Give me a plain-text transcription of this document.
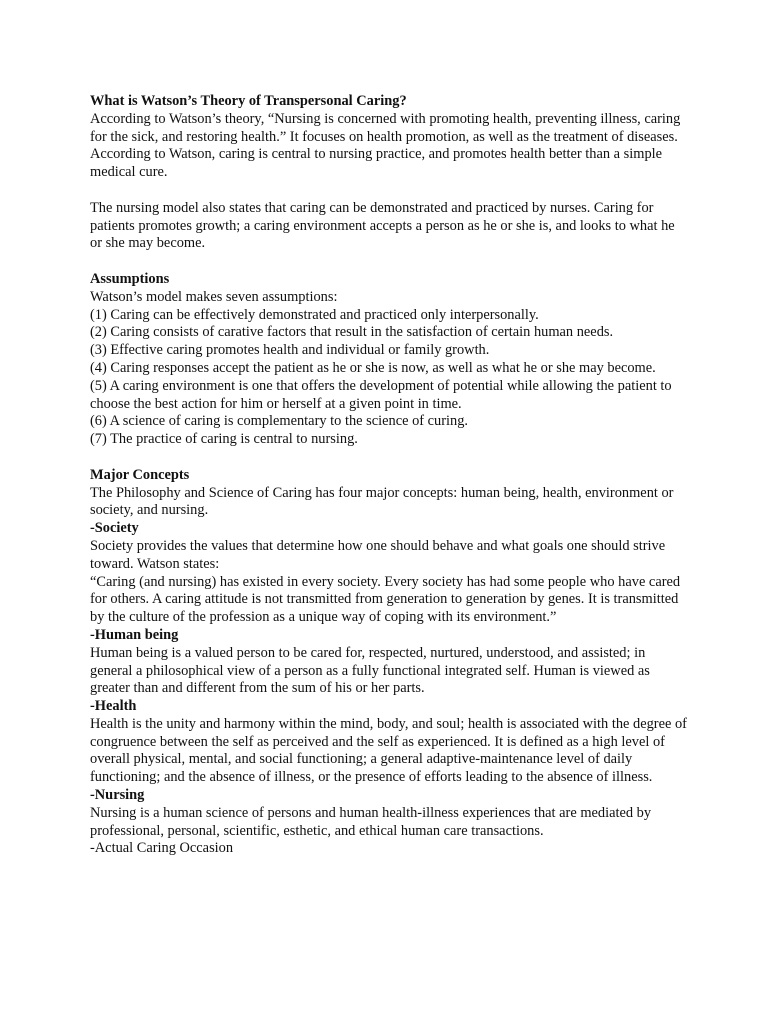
What is Watson’s Theory of Transpersonal Caring?

According to Watson’s theory, “Nursing is concerned with promoting health, preventing illness, caring for the sick, and restoring health.” It focuses on health promotion, as well as the treatment of diseases. According to Watson, caring is central to nursing practice, and promotes health better than a simple medical cure.

The nursing model also states that caring can be demonstrated and practiced by nurses. Caring for patients promotes growth; a caring environment accepts a person as he or she is, and looks to what he or she may become.

Assumptions

Watson’s model makes seven assumptions:

(1) Caring can be effectively demonstrated and practiced only interpersonally.

(2) Caring consists of carative factors that result in the satisfaction of certain human needs.

(3) Effective caring promotes health and individual or family growth.

(4) Caring responses accept the patient as he or she is now, as well as what he or she may become.

(5) A caring environment is one that offers the development of potential while allowing the patient to choose the best action for him or herself at a given point in time.

(6) A science of caring is complementary to the science of curing.

(7) The practice of caring is central to nursing.

Major Concepts

The Philosophy and Science of Caring has four major concepts: human being, health, environment or society, and nursing.

-Society

Society provides the values that determine how one should behave and what goals one should strive toward. Watson states:

“Caring (and nursing) has existed in every society. Every society has had some people who have cared for others. A caring attitude is not transmitted from generation to generation by genes. It is transmitted by the culture of the profession as a unique way of coping with its environment.”

-Human being

Human being is a valued person to be cared for, respected, nurtured, understood, and assisted; in general a philosophical view of a person as a fully functional integrated self. Human is viewed as greater than and different from the sum of his or her parts.

-Health

Health is the unity and harmony within the mind, body, and soul; health is associated with the degree of congruence between the self as perceived and the self as experienced. It is defined as a high level of overall physical, mental, and social functioning; a general adaptive-maintenance level of daily functioning; and the absence of illness, or the presence of efforts leading to the absence of illness.

-Nursing

Nursing is a human science of persons and human health-illness experiences that are mediated by professional, personal, scientific, esthetic, and ethical human care transactions.

-Actual Caring Occasion
